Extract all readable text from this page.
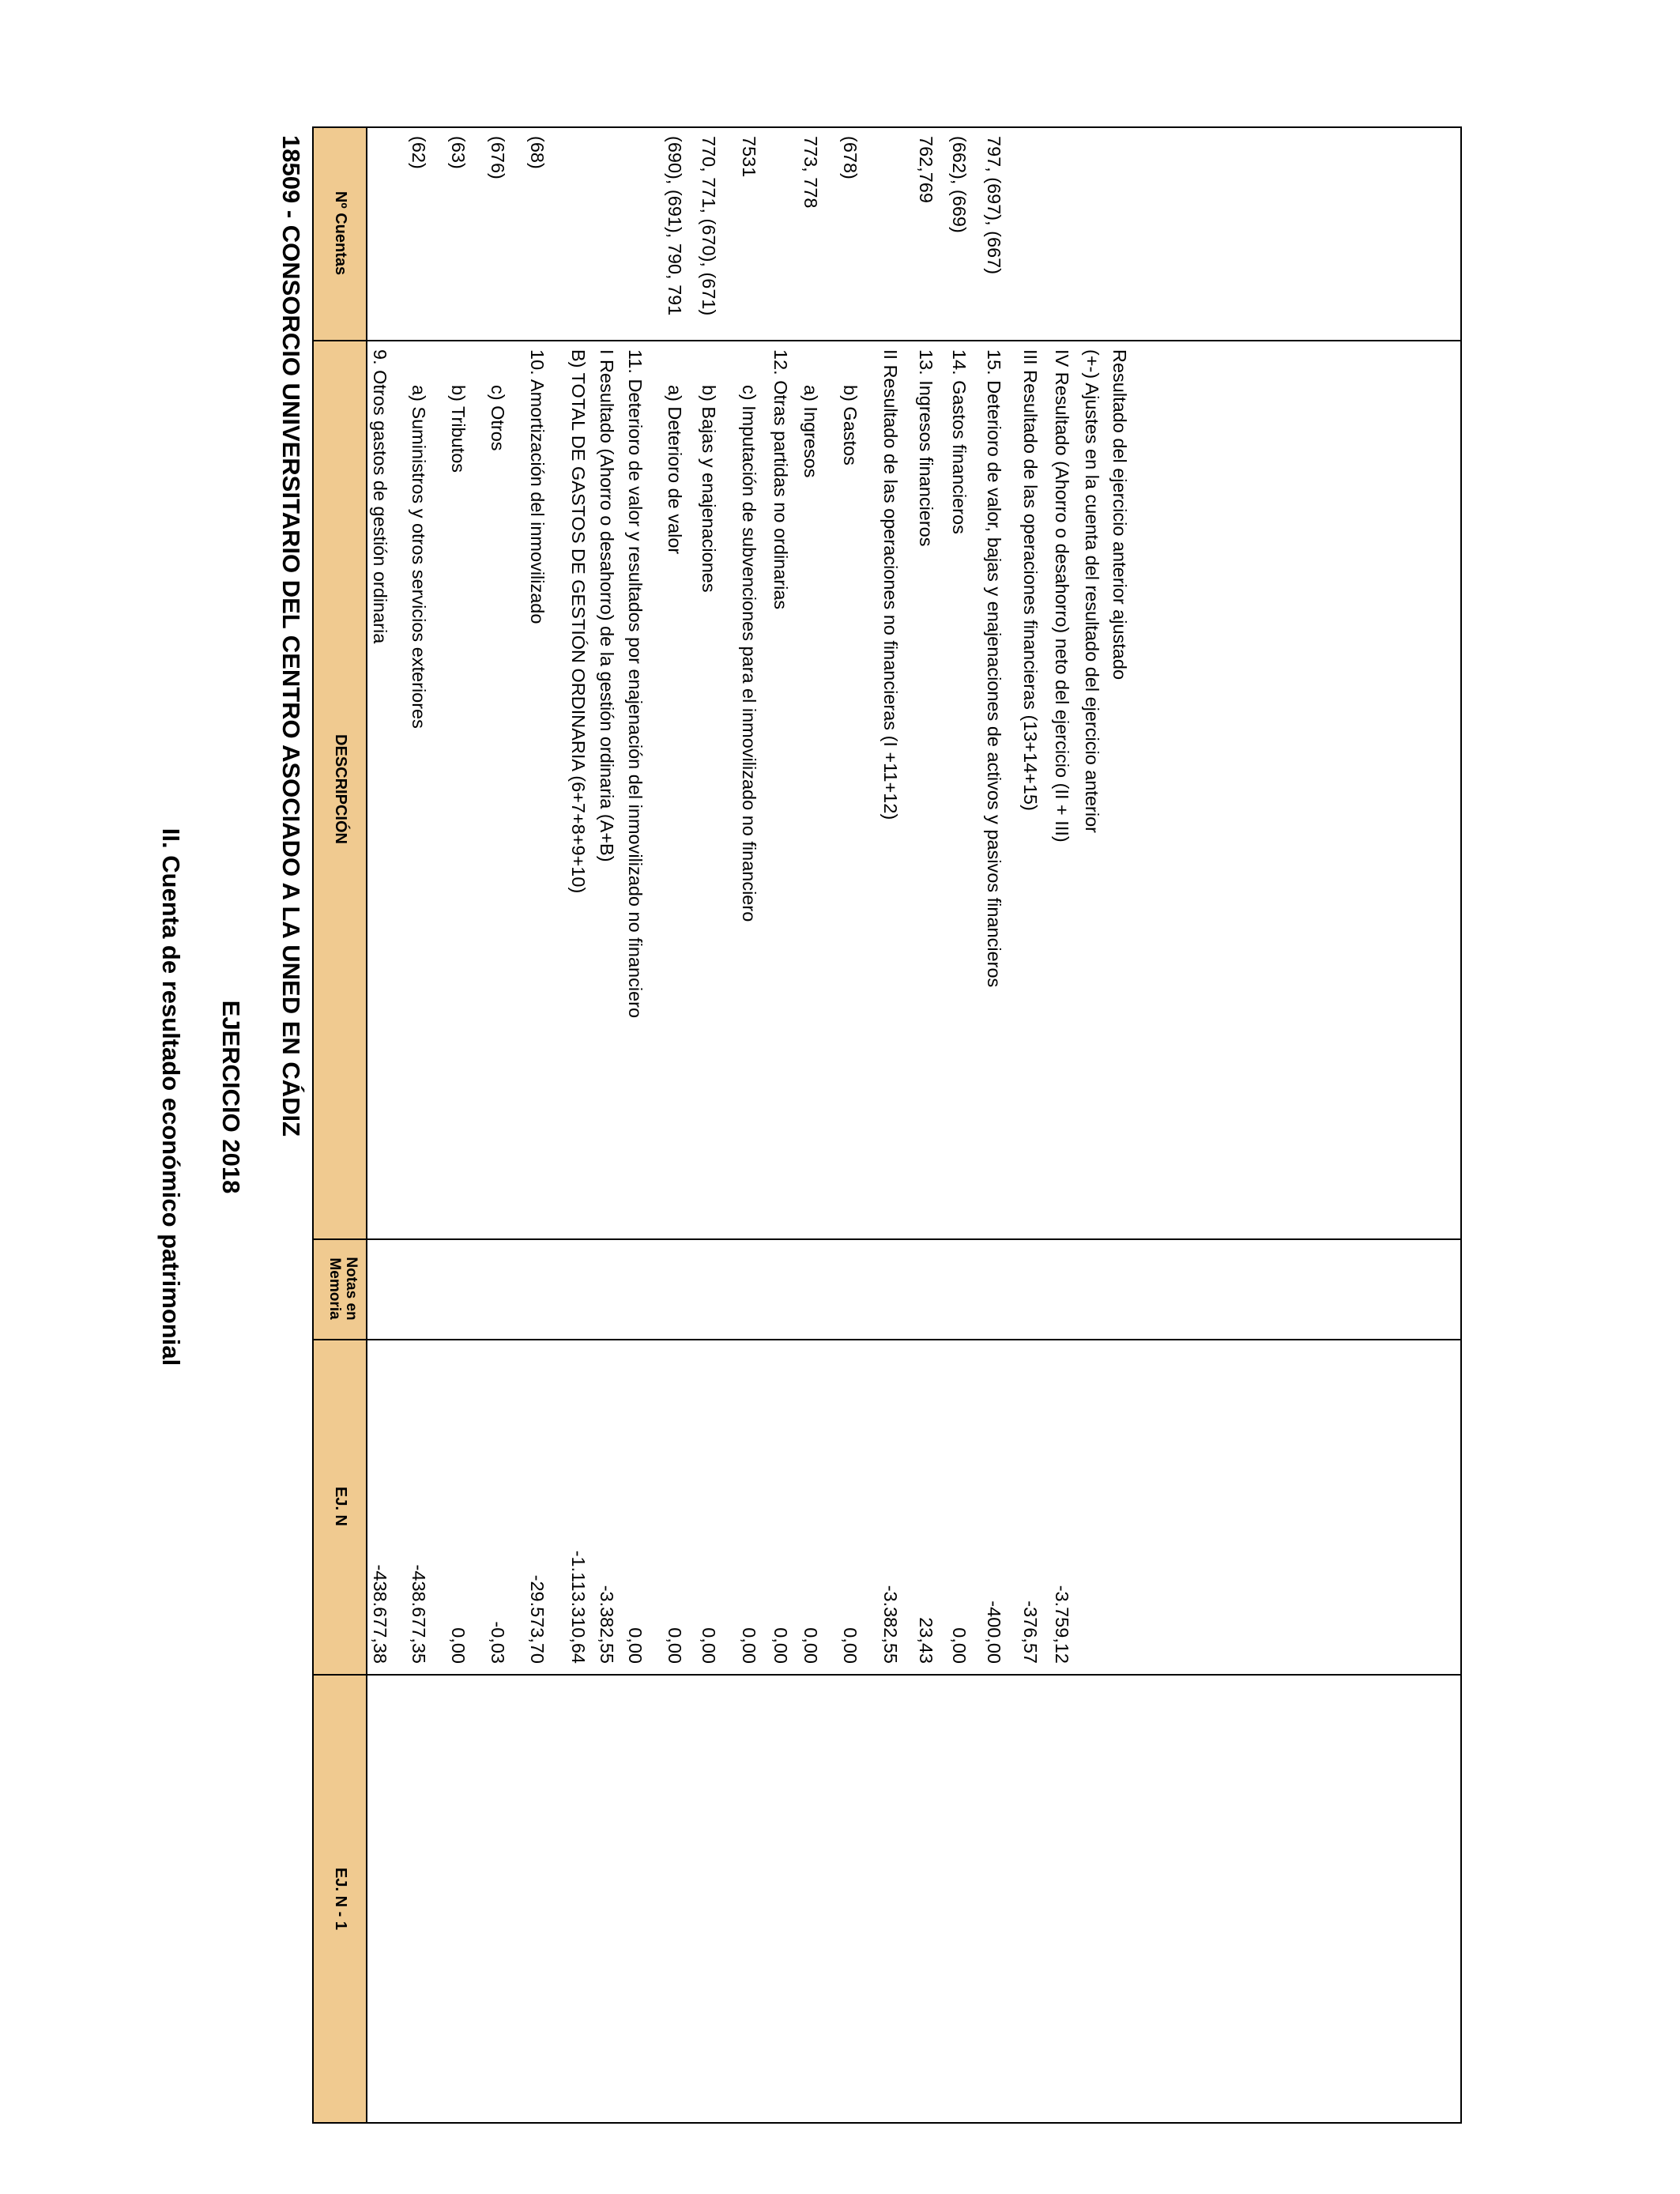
II. Cuenta de resultado económico patrimonial EJERCICIO 2018 18509 - CONSORCIO UNIVERSITARIO DEL CENTRO ASOCIADO A LA UNED EN CÁDIZ Nº Cuentas
DESCRIPCIÓN
Notas en
Memoria
EJ. N
EJ. N - 1
9. Otros gastos de gestión ordinaria
-438.677,38
(62)
a) Suministros y otros servicios exteriores
-438.677,35
(63)
b) Tributos
0,00
(676)
c) Otros
-0,03
(68)
10. Amortización del inmovilizado
-29.573,70
B) TOTAL DE GASTOS DE GESTIÓN ORDINARIA (6+7+8+9+10)
-1.113.310,64
I Resultado (Ahorro o desahorro) de la gestión ordinaria (A+B)
-3.382,55
11. Deterioro de valor y resultados por enajenación del inmovilizado no financiero
0,00
(690), (691), 790, 791
a) Deterioro de valor
0,00
770, 771, (670), (671)
b) Bajas y enajenaciones
0,00
7531
c) Imputación de subvenciones para el inmovilizado no financiero
0,00
12. Otras partidas no ordinarias
0,00
773, 778
a) Ingresos
0,00
(678)
b) Gastos
0,00
II Resultado de las operaciones no financieras (I +11+12)
-3.382,55
762,769
13. Ingresos financieros
23,43
(662), (669)
14. Gastos financieros
0,00
797, (697), (667)
15. Deterioro de valor, bajas y enajenaciones de activos y pasivos financieros
-400,00
III Resultado de las operaciones financieras (13+14+15)
-376,57
IV Resultado (Ahorro o desahorro) neto del ejercicio (II + III)
-3.759,12
(+-) Ajustes en la cuenta del resultado del ejercicio anterior Resultado del ejercicio anterior ajustado
